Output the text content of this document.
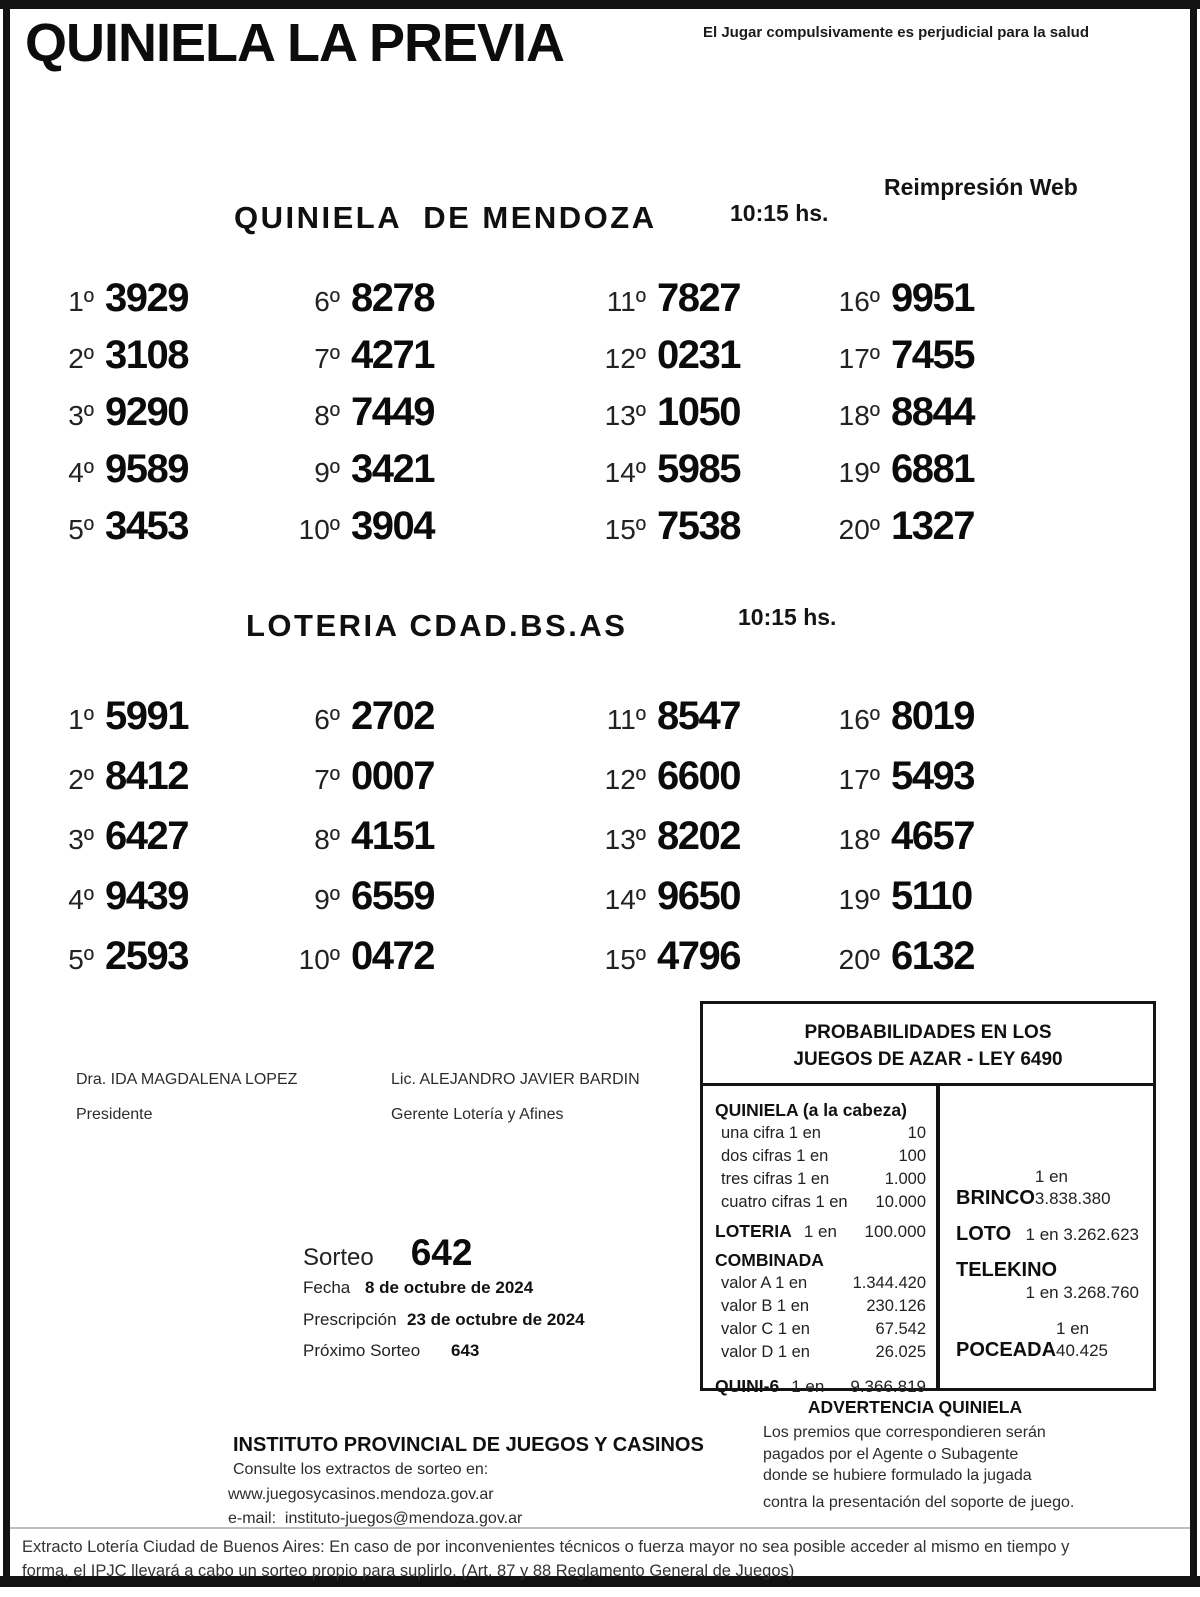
QUINIELA LA PREVIA	El Jugar compulsivamente es perjudicial para la salud
QUINIELA  DE MENDOZA	10:15 hs.
Reimpresión Web
1º 3929
2º 3108
3º 9290
4º 9589
5º 3453
6º 8278
7º 4271
8º 7449
9º 3421
10º 3904
11º 7827
12º 0231
13º 1050
14º 5985
15º 7538
16º 9951
17º 7455
18º 8844
19º 6881
20º 1327
LOTERIA CDAD.BS.AS	10:15 hs.
1º 5991
2º 8412
3º 6427
4º 9439
5º 2593
6º 2702
7º 0007
8º 4151
9º 6559
10º 0472
11º 8547
12º 6600
13º 8202
14º 9650
15º 4796
16º 8019
17º 5493
18º 4657
19º 5110
20º 6132
Dra. IDA MAGDALENA LOPEZ
Presidente
Lic. ALEJANDRO JAVIER BARDIN
Gerente Lotería y Afines
PROBABILIDADES EN LOS
JUEGOS DE AZAR - LEY 6490
QUINIELA (a la cabeza)
una cifra 1 en	10
dos cifras 1 en	100
tres cifras 1 en	1.000
cuatro cifras 1 en 10.000
LOTERIA 1 en 100.000
COMBINADA
valor A 1 en	1.344.420
valor B 1 en	230.126
valor C 1 en	67.542
valor D 1 en	26.025
QUINI-6 1 en 9.366.819
BRINCO
1 en 3.838.380
LOTO 1 en 3.262.623
TELEKINO
1 en 3.268.760
POCEADA
1 en 40.425
Sorteo 642
Fecha 8 de octubre de 2024
Prescripción 23 de octubre de 2024
Próximo Sorteo 643
INSTITUTO PROVINCIAL DE JUEGOS Y CASINOS
Consulte los extractos de sorteo en:
www.juegosycasinos.mendoza.gov.ar
e-mail:  instituto-juegos@mendoza.gov.ar
ADVERTENCIA QUINIELA
Los premios que correspondieren serán
pagados por el Agente o Subagente
donde se hubiere formulado la jugada
contra la presentación del soporte de juego.
Extracto Lotería Ciudad de Buenos Aires: En caso de por inconvenientes técnicos o fuerza mayor no sea posible acceder al mismo en tiempo y
forma, el IPJC llevará a cabo un sorteo propio para suplirlo. (Art. 87 y 88 Reglamento General de Juegos)
